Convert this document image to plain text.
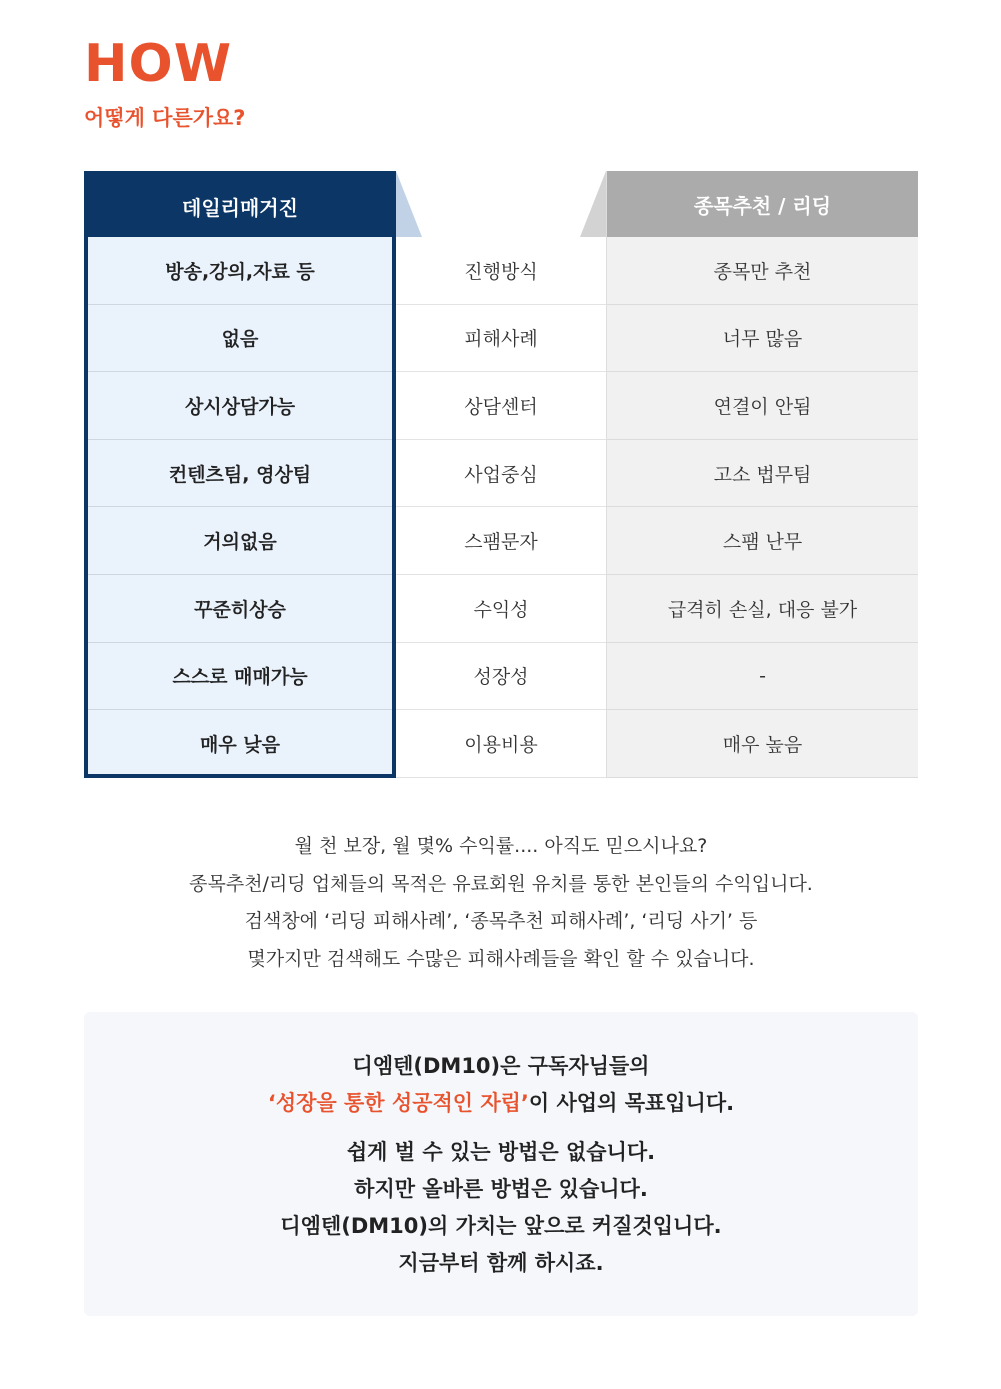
HOW
어떻게 다른가요?
데일리매거진
방송,강의,자료 등
없음
상시상담가능
컨텐츠팀, 영상팀
거의없음
꾸준히상승
스스로 매매가능
매우 낮음
진행방식
피해사례
상담센터
사업중심
스팸문자
수익성
성장성
이용비용
종목추천 / 리딩
종목만 추천
너무 많음
연결이 안됨
고소 법무팀
스팸 난무
급격히 손실, 대응 불가
-
매우 높음
월 천 보장, 월 몇% 수익률.... 아직도 믿으시나요?
종목추천/리딩 업체들의 목적은 유료회원 유치를 통한 본인들의 수익입니다.
검색창에 ‘리딩 피해사례’, ‘종목추천 피해사례’, ‘리딩 사기’ 등
몇가지만 검색해도 수많은 피해사례들을 확인 할 수 있습니다.
디엠텐(DM10)은 구독자님들의
‘성장을 통한 성공적인 자립’이 사업의 목표입니다.
쉽게 벌 수 있는 방법은 없습니다.
하지만 올바른 방법은 있습니다.
디엠텐(DM10)의 가치는 앞으로 커질것입니다.
지금부터 함께 하시죠.
